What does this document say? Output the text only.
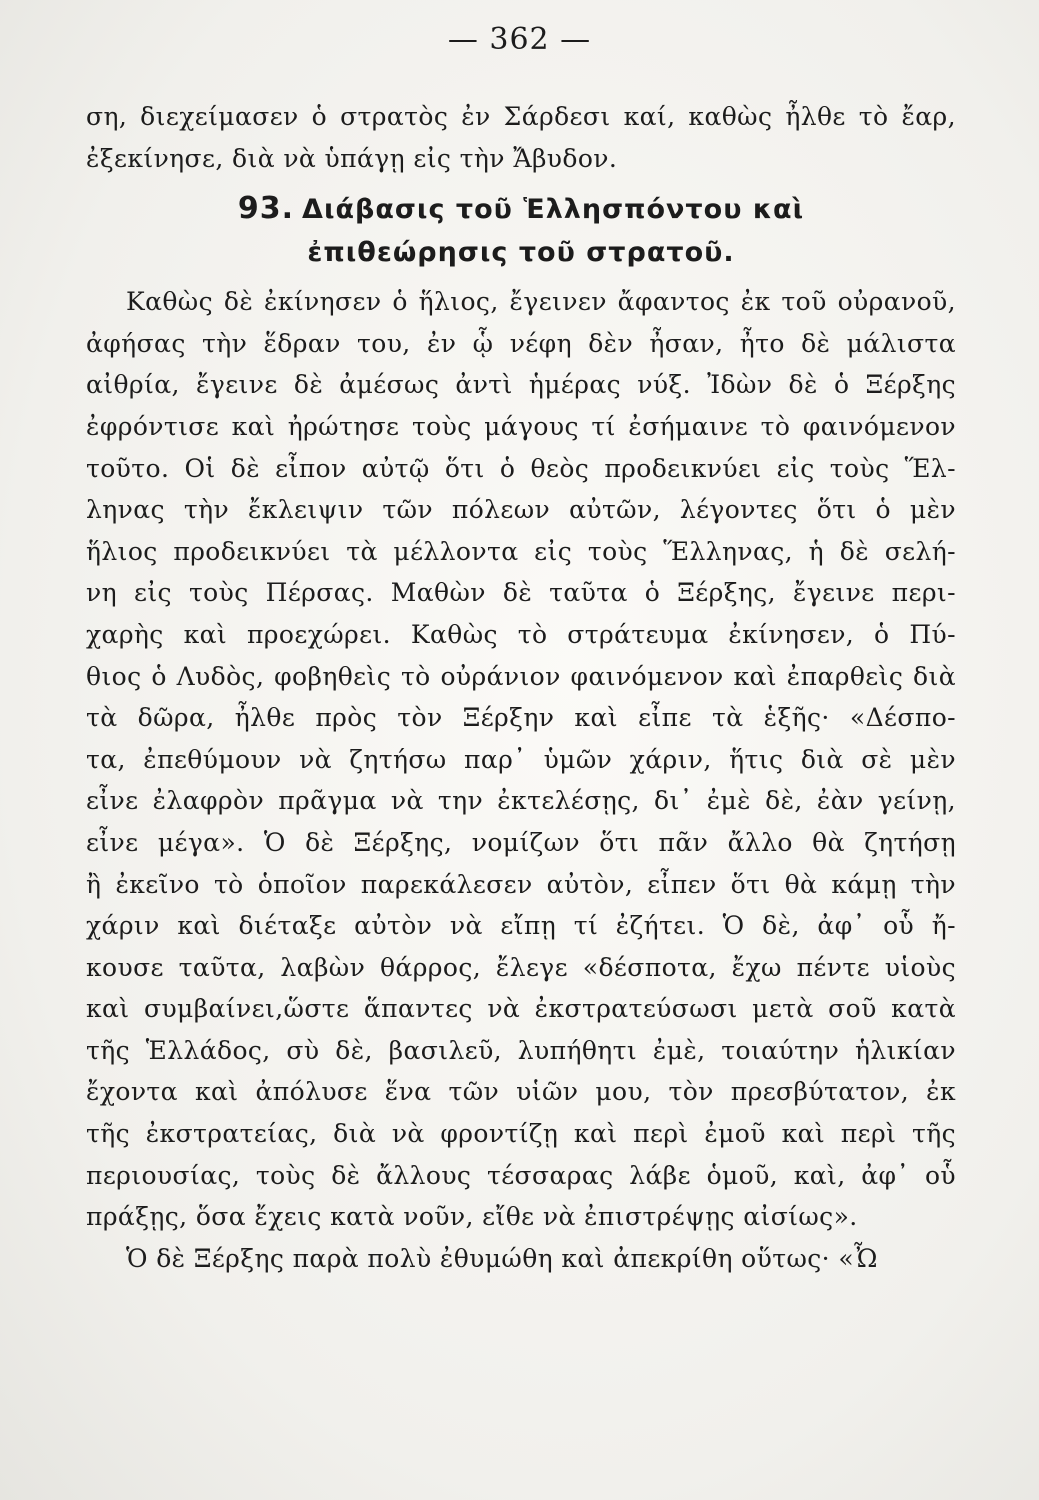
— 362 —
ση, διεχείμασεν ὁ στρατὸς ἐν Σάρδεσι καί, καθὼς ἦλθε τὸ ἔαρ,
ἐξεκίνησε, διὰ νὰ ὑπάγῃ εἰς τὴν Ἄβυδον.
93. Διάβασις τοῦ Ἑλλησπόντου καὶ
ἐπιθεώρησις τοῦ στρατοῦ.
Καθὼς δὲ ἐκίνησεν ὁ ἥλιος, ἔγεινεν ἄφαντος ἐκ τοῦ οὐρανοῦ,
ἀφήσας τὴν ἕδραν του, ἐν ᾧ νέφη δὲν ἦσαν, ἦτο δὲ μάλιστα
αἰθρία, ἔγεινε δὲ ἀμέσως ἀντὶ ἡμέρας νύξ. Ἰδὼν δὲ ὁ Ξέρξης
ἐφρόντισε καὶ ἠρώτησε τοὺς μάγους τί ἐσήμαινε τὸ φαινόμενον
τοῦτο. Οἱ δὲ εἶπον αὐτῷ ὅτι ὁ θεὸς προδεικνύει εἰς τοὺς Ἕλ-
ληνας τὴν ἔκλειψιν τῶν πόλεων αὐτῶν, λέγοντες ὅτι ὁ μὲν
ἥλιος προδεικνύει τὰ μέλλοντα εἰς τοὺς Ἕλληνας, ἡ δὲ σελή-
νη εἰς τοὺς Πέρσας. Μαθὼν δὲ ταῦτα ὁ Ξέρξης, ἔγεινε περι-
χαρὴς καὶ προεχώρει. Καθὼς τὸ στράτευμα ἐκίνησεν, ὁ Πύ-
θιος ὁ Λυδὸς, φοβηθεὶς τὸ οὐράνιον φαινόμενον καὶ ἐπαρθεὶς διὰ
τὰ δῶρα, ἦλθε πρὸς τὸν Ξέρξην καὶ εἶπε τὰ ἑξῆς· «Δέσπο-
τα, ἐπεθύμουν νὰ ζητήσω παρ᾽ ὑμῶν χάριν, ἥτις διὰ σὲ μὲν
εἶνε ἐλαφρὸν πρᾶγμα νὰ την ἐκτελέσῃς, δι᾽ ἐμὲ δὲ, ἐὰν γείνῃ,
εἶνε μέγα». Ὁ δὲ Ξέρξης, νομίζων ὅτι πᾶν ἄλλο θὰ ζητήσῃ
ἢ ἐκεῖνο τὸ ὁποῖον παρεκάλεσεν αὐτὸν, εἶπεν ὅτι θὰ κάμῃ τὴν
χάριν καὶ διέταξε αὐτὸν νὰ εἴπῃ τί ἐζήτει. Ὁ δὲ, ἀφ᾽ οὗ ἤ-
κουσε ταῦτα, λαβὼν θάρρος, ἔλεγε «δέσποτα, ἔχω πέντε υἱοὺς
καὶ συμβαίνει,ὥστε ἅπαντες νὰ ἐκστρατεύσωσι μετὰ σοῦ κατὰ
τῆς Ἑλλάδος, σὺ δὲ, βασιλεῦ, λυπήθητι ἐμὲ, τοιαύτην ἡλικίαν
ἔχοντα καὶ ἀπόλυσε ἕνα τῶν υἱῶν μου, τὸν πρεσβύτατον, ἐκ
τῆς ἐκστρατείας, διὰ νὰ φροντίζῃ καὶ περὶ ἐμοῦ καὶ περὶ τῆς
περιουσίας, τοὺς δὲ ἄλλους τέσσαρας λάβε ὁμοῦ, καὶ, ἀφ᾽ οὗ
πράξῃς, ὅσα ἔχεις κατὰ νοῦν, εἴθε νὰ ἐπιστρέψῃς αἰσίως».
Ὁ δὲ Ξέρξης παρὰ πολὺ ἐθυμώθη καὶ ἀπεκρίθη οὕτως· «Ὦ
